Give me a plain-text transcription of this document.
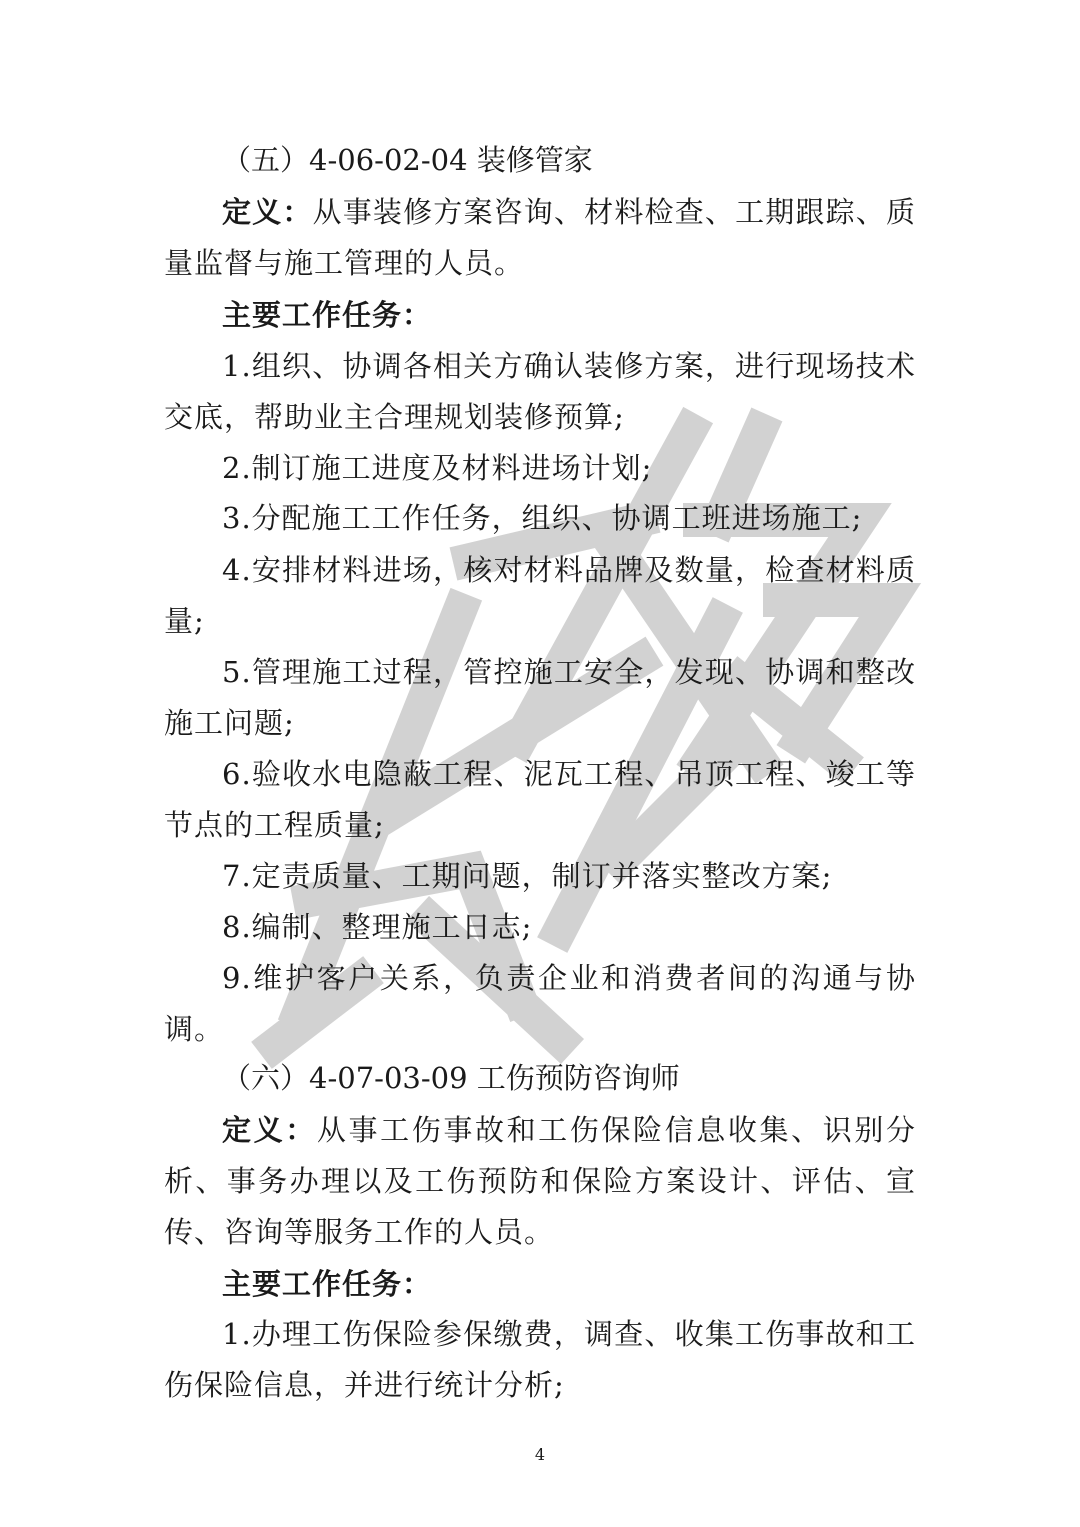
（五）4-06-02-04 装修管家
定义：从事装修方案咨询、材料检查、工期跟踪、质
量监督与施工管理的人员。
主要工作任务：
1.组织、协调各相关方确认装修方案，进行现场技术
交底，帮助业主合理规划装修预算;
2.制订施工进度及材料进场计划;
3.分配施工工作任务，组织、协调工班进场施工;
4.安排材料进场，核对材料品牌及数量，检查材料质
量;
5.管理施工过程，管控施工安全，发现、协调和整改
施工问题;
6.验收水电隐蔽工程、泥瓦工程、吊顶工程、竣工等
节点的工程质量;
7.定责质量、工期问题，制订并落实整改方案;
8.编制、整理施工日志;
9.维护客户关系，负责企业和消费者间的沟通与协
调。
（六）4-07-03-09 工伤预防咨询师
定义：从事工伤事故和工伤保险信息收集、识别分
析、事务办理以及工伤预防和保险方案设计、评估、宣
传、咨询等服务工作的人员。
主要工作任务：
1.办理工伤保险参保缴费，调查、收集工伤事故和工
伤保险信息，并进行统计分析;
4
